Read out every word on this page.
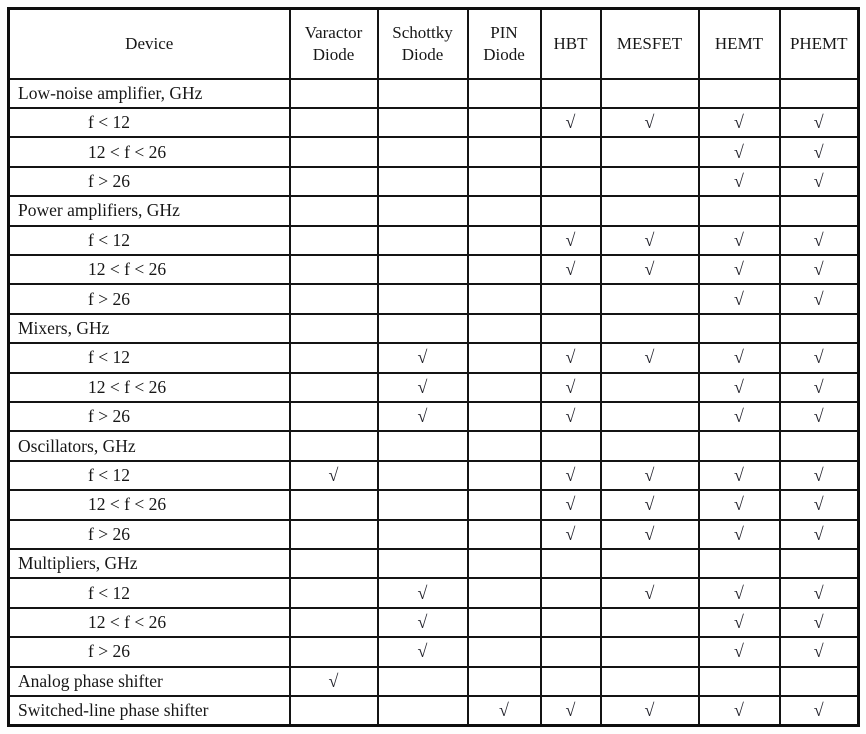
Device	Varactor Diode	Schottky Diode	PIN Diode	HBT	MESFET	HEMT	PHEMT
Low-noise amplifier, GHz							
f < 12				√	√	√	√
12 < f < 26						√	√
f > 26						√	√
Power amplifiers, GHz							
f < 12				√	√	√	√
12 < f < 26				√	√	√	√
f > 26						√	√
Mixers, GHz							
f < 12		√		√	√	√	√
12 < f < 26		√		√		√	√
f > 26		√		√		√	√
Oscillators, GHz							
f < 12	√			√	√	√	√
12 < f < 26				√	√	√	√
f > 26				√	√	√	√
Multipliers, GHz							
f < 12		√			√	√	√
12 < f < 26		√				√	√
f > 26		√				√	√
Analog phase shifter	√						
Switched-line phase shifter			√	√	√	√	√
